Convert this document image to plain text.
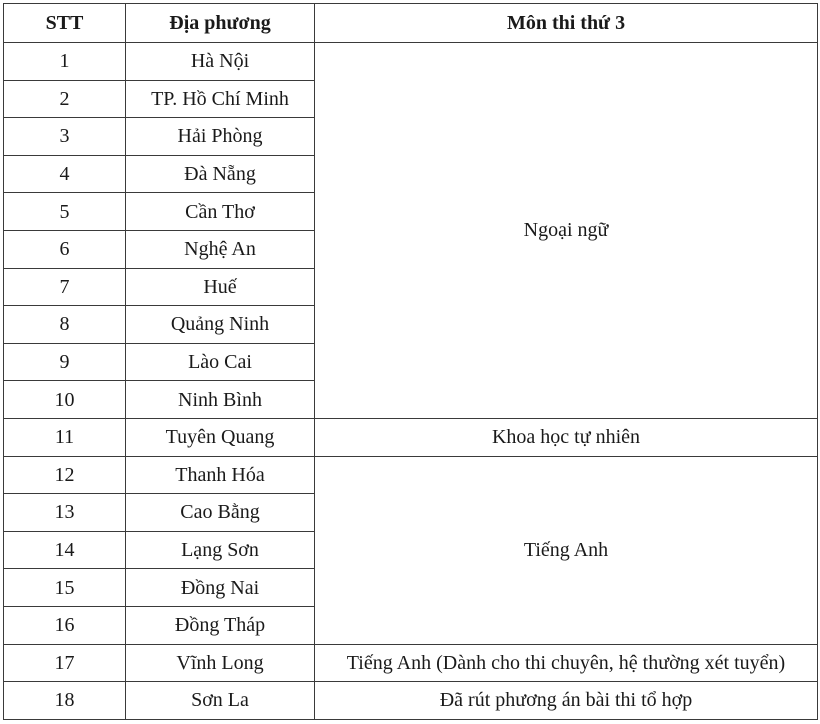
STT	Địa phương	Môn thi thứ 3
1	Hà Nội	Ngoại ngữ
2	TP. Hồ Chí Minh	
3	Hải Phòng	
4	Đà Nẵng	
5	Cần Thơ	
6	Nghệ An	
7	Huế	
8	Quảng Ninh	
9	Lào Cai	
10	Ninh Bình	
11	Tuyên Quang	Khoa học tự nhiên
12	Thanh Hóa	Tiếng Anh
13	Cao Bằng	
14	Lạng Sơn	
15	Đồng Nai	
16	Đồng Tháp	
17	Vĩnh Long	Tiếng Anh (Dành cho thi chuyên, hệ thường xét tuyển)
18	Sơn La	Đã rút phương án bài thi tổ hợp
